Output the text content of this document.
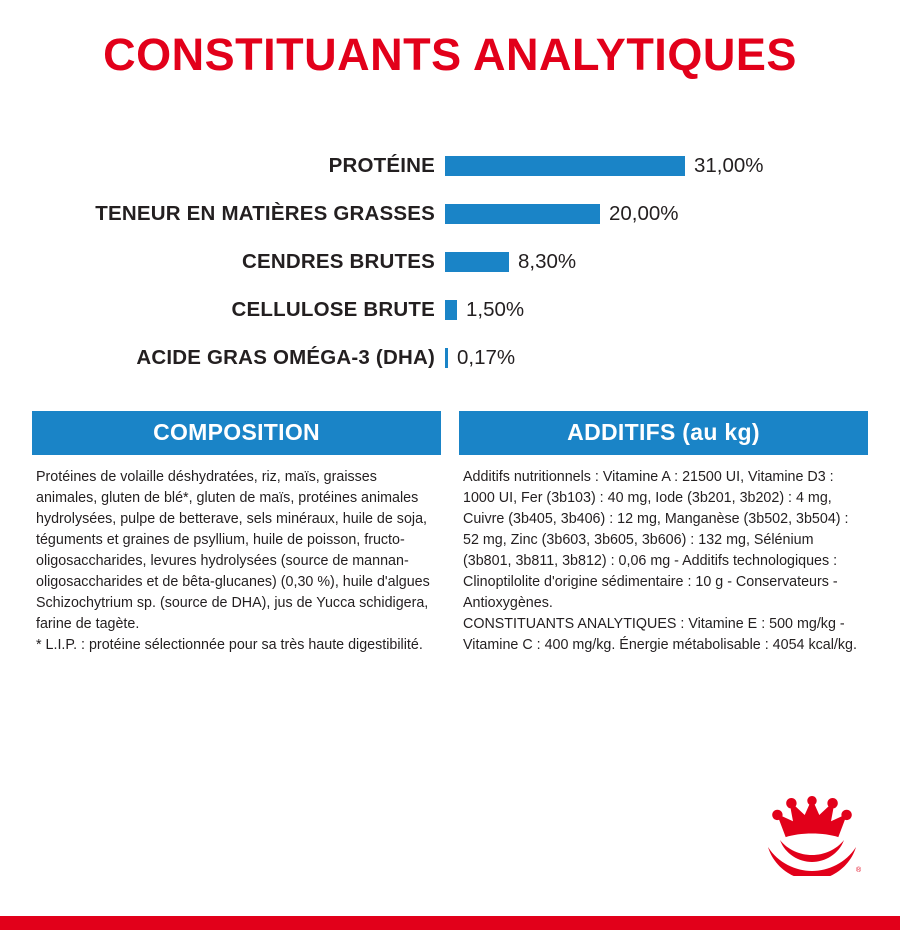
CONSTITUANTS ANALYTIQUES
PROTÉINE	31,00%
TENEUR EN MATIÈRES GRASSES	20,00%
CENDRES BRUTES	8,30%
CELLULOSE BRUTE	1,50%
ACIDE GRAS OMÉGA-3 (DHA)	0,17%
COMPOSITION

Protéines de volaille déshydratées, riz, maïs, graisses animales, gluten de blé*, gluten de maïs, protéines animales hydrolysées, pulpe de betterave, sels minéraux, huile de soja, téguments et graines de psyllium, huile de poisson, fructo-oligosaccharides, levures hydrolysées (source de mannan-oligosaccharides et de bêta-glucanes) (0,30 %), huile d'algues Schizochytrium sp. (source de DHA), jus de Yucca schidigera, farine de tagète.

* L.I.P. : protéine sélectionnée pour sa très haute digestibilité.

ADDITIFS (au kg)

Additifs nutritionnels : Vitamine A : 21500 UI, Vitamine D3 : 1000 UI, Fer (3b103) : 40 mg, Iode (3b201, 3b202) : 4 mg, Cuivre (3b405, 3b406) : 12 mg, Manganèse (3b502, 3b504) : 52 mg, Zinc (3b603, 3b605, 3b606) : 132 mg, Sélénium (3b801, 3b811, 3b812) : 0,06 mg - Additifs technologiques : Clinoptilolite d'origine sédimentaire : 10 g - Conservateurs - Antioxygènes.

CONSTITUANTS ANALYTIQUES : Vitamine E : 500 mg/kg - Vitamine C : 400 mg/kg. Énergie métabolisable : 4054 kcal/kg.

®
